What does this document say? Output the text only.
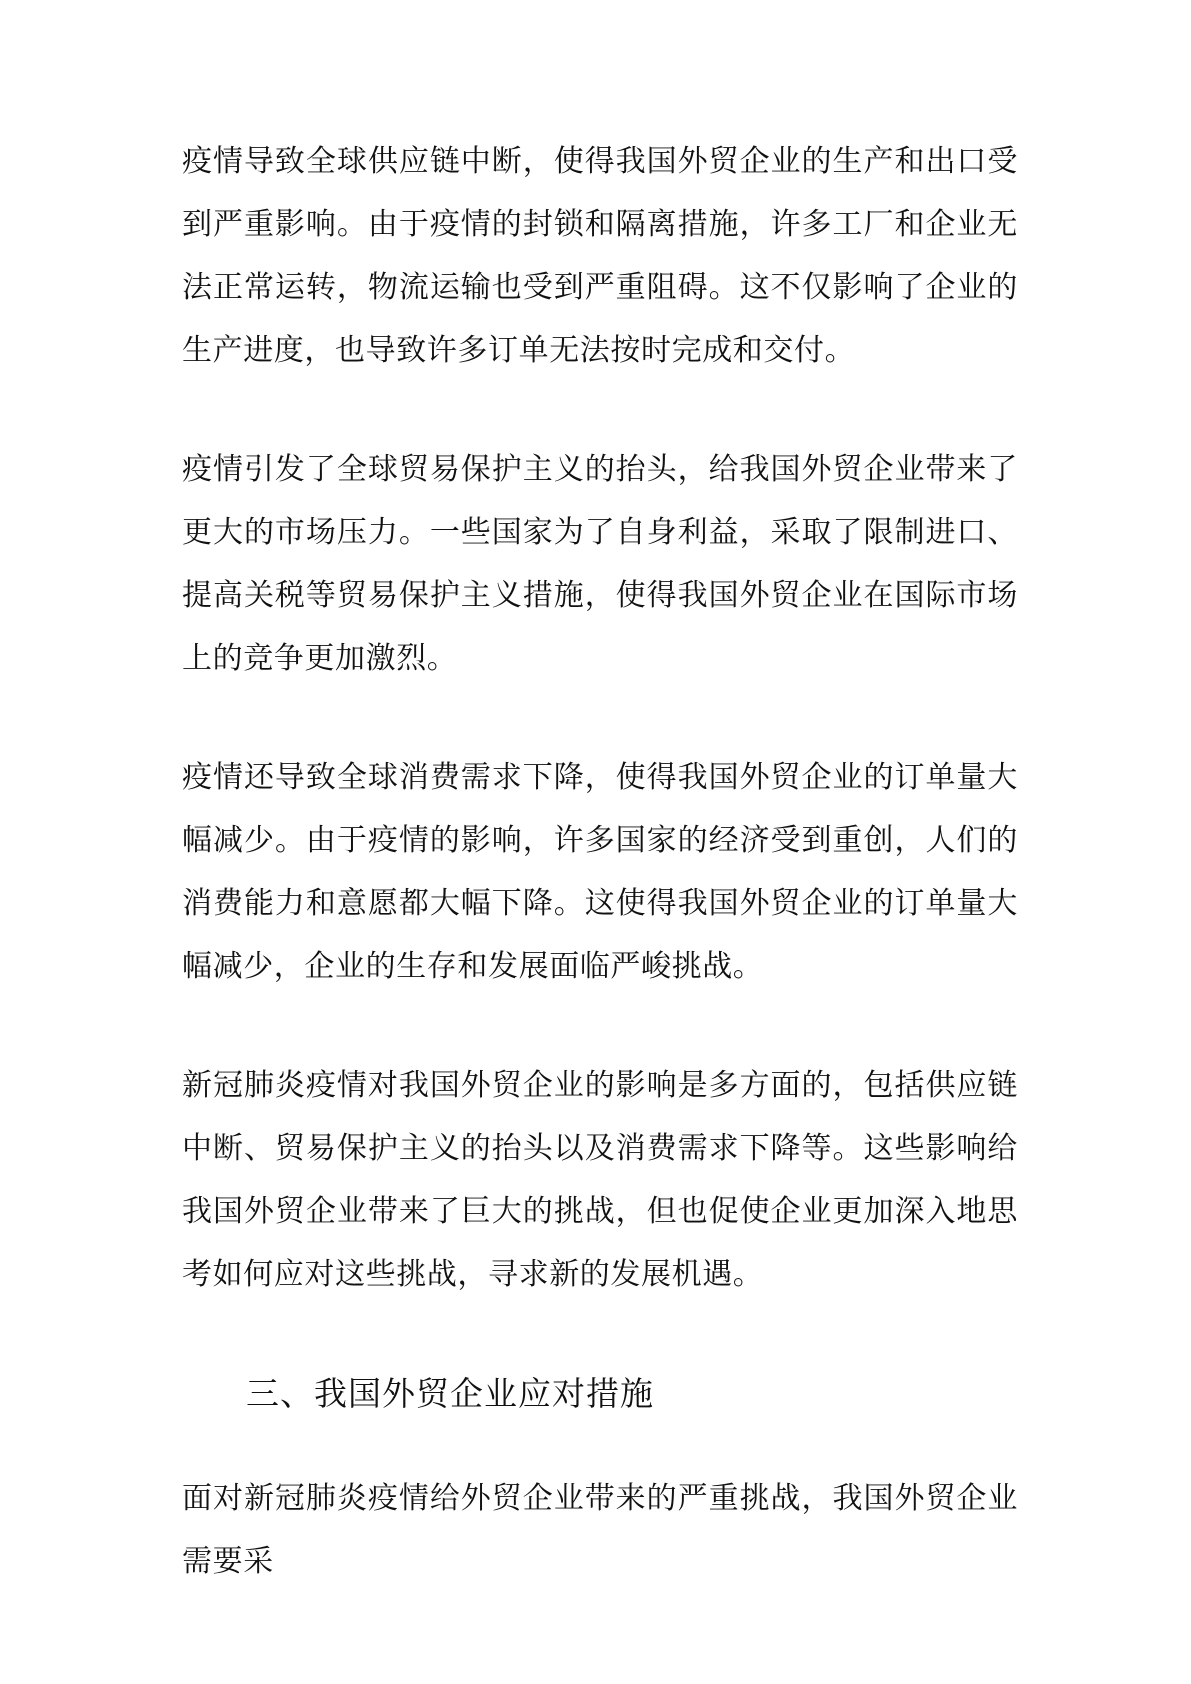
疫情导致全球供应链中断，使得我国外贸企业的生产和出口受到严重影响。由于疫情的封锁和隔离措施，许多工厂和企业无法正常运转，物流运输也受到严重阻碍。这不仅影响了企业的生产进度，也导致许多订单无法按时完成和交付。

疫情引发了全球贸易保护主义的抬头，给我国外贸企业带来了更大的市场压力。一些国家为了自身利益，采取了限制进口、提高关税等贸易保护主义措施，使得我国外贸企业在国际市场上的竞争更加激烈。

疫情还导致全球消费需求下降，使得我国外贸企业的订单量大幅减少。由于疫情的影响，许多国家的经济受到重创，人们的消费能力和意愿都大幅下降。这使得我国外贸企业的订单量大幅减少，企业的生存和发展面临严峻挑战。

新冠肺炎疫情对我国外贸企业的影响是多方面的，包括供应链中断、贸易保护主义的抬头以及消费需求下降等。这些影响给我国外贸企业带来了巨大的挑战，但也促使企业更加深入地思考如何应对这些挑战，寻求新的发展机遇。

三、我国外贸企业应对措施

面对新冠肺炎疫情给外贸企业带来的严重挑战，我国外贸企业需要采
